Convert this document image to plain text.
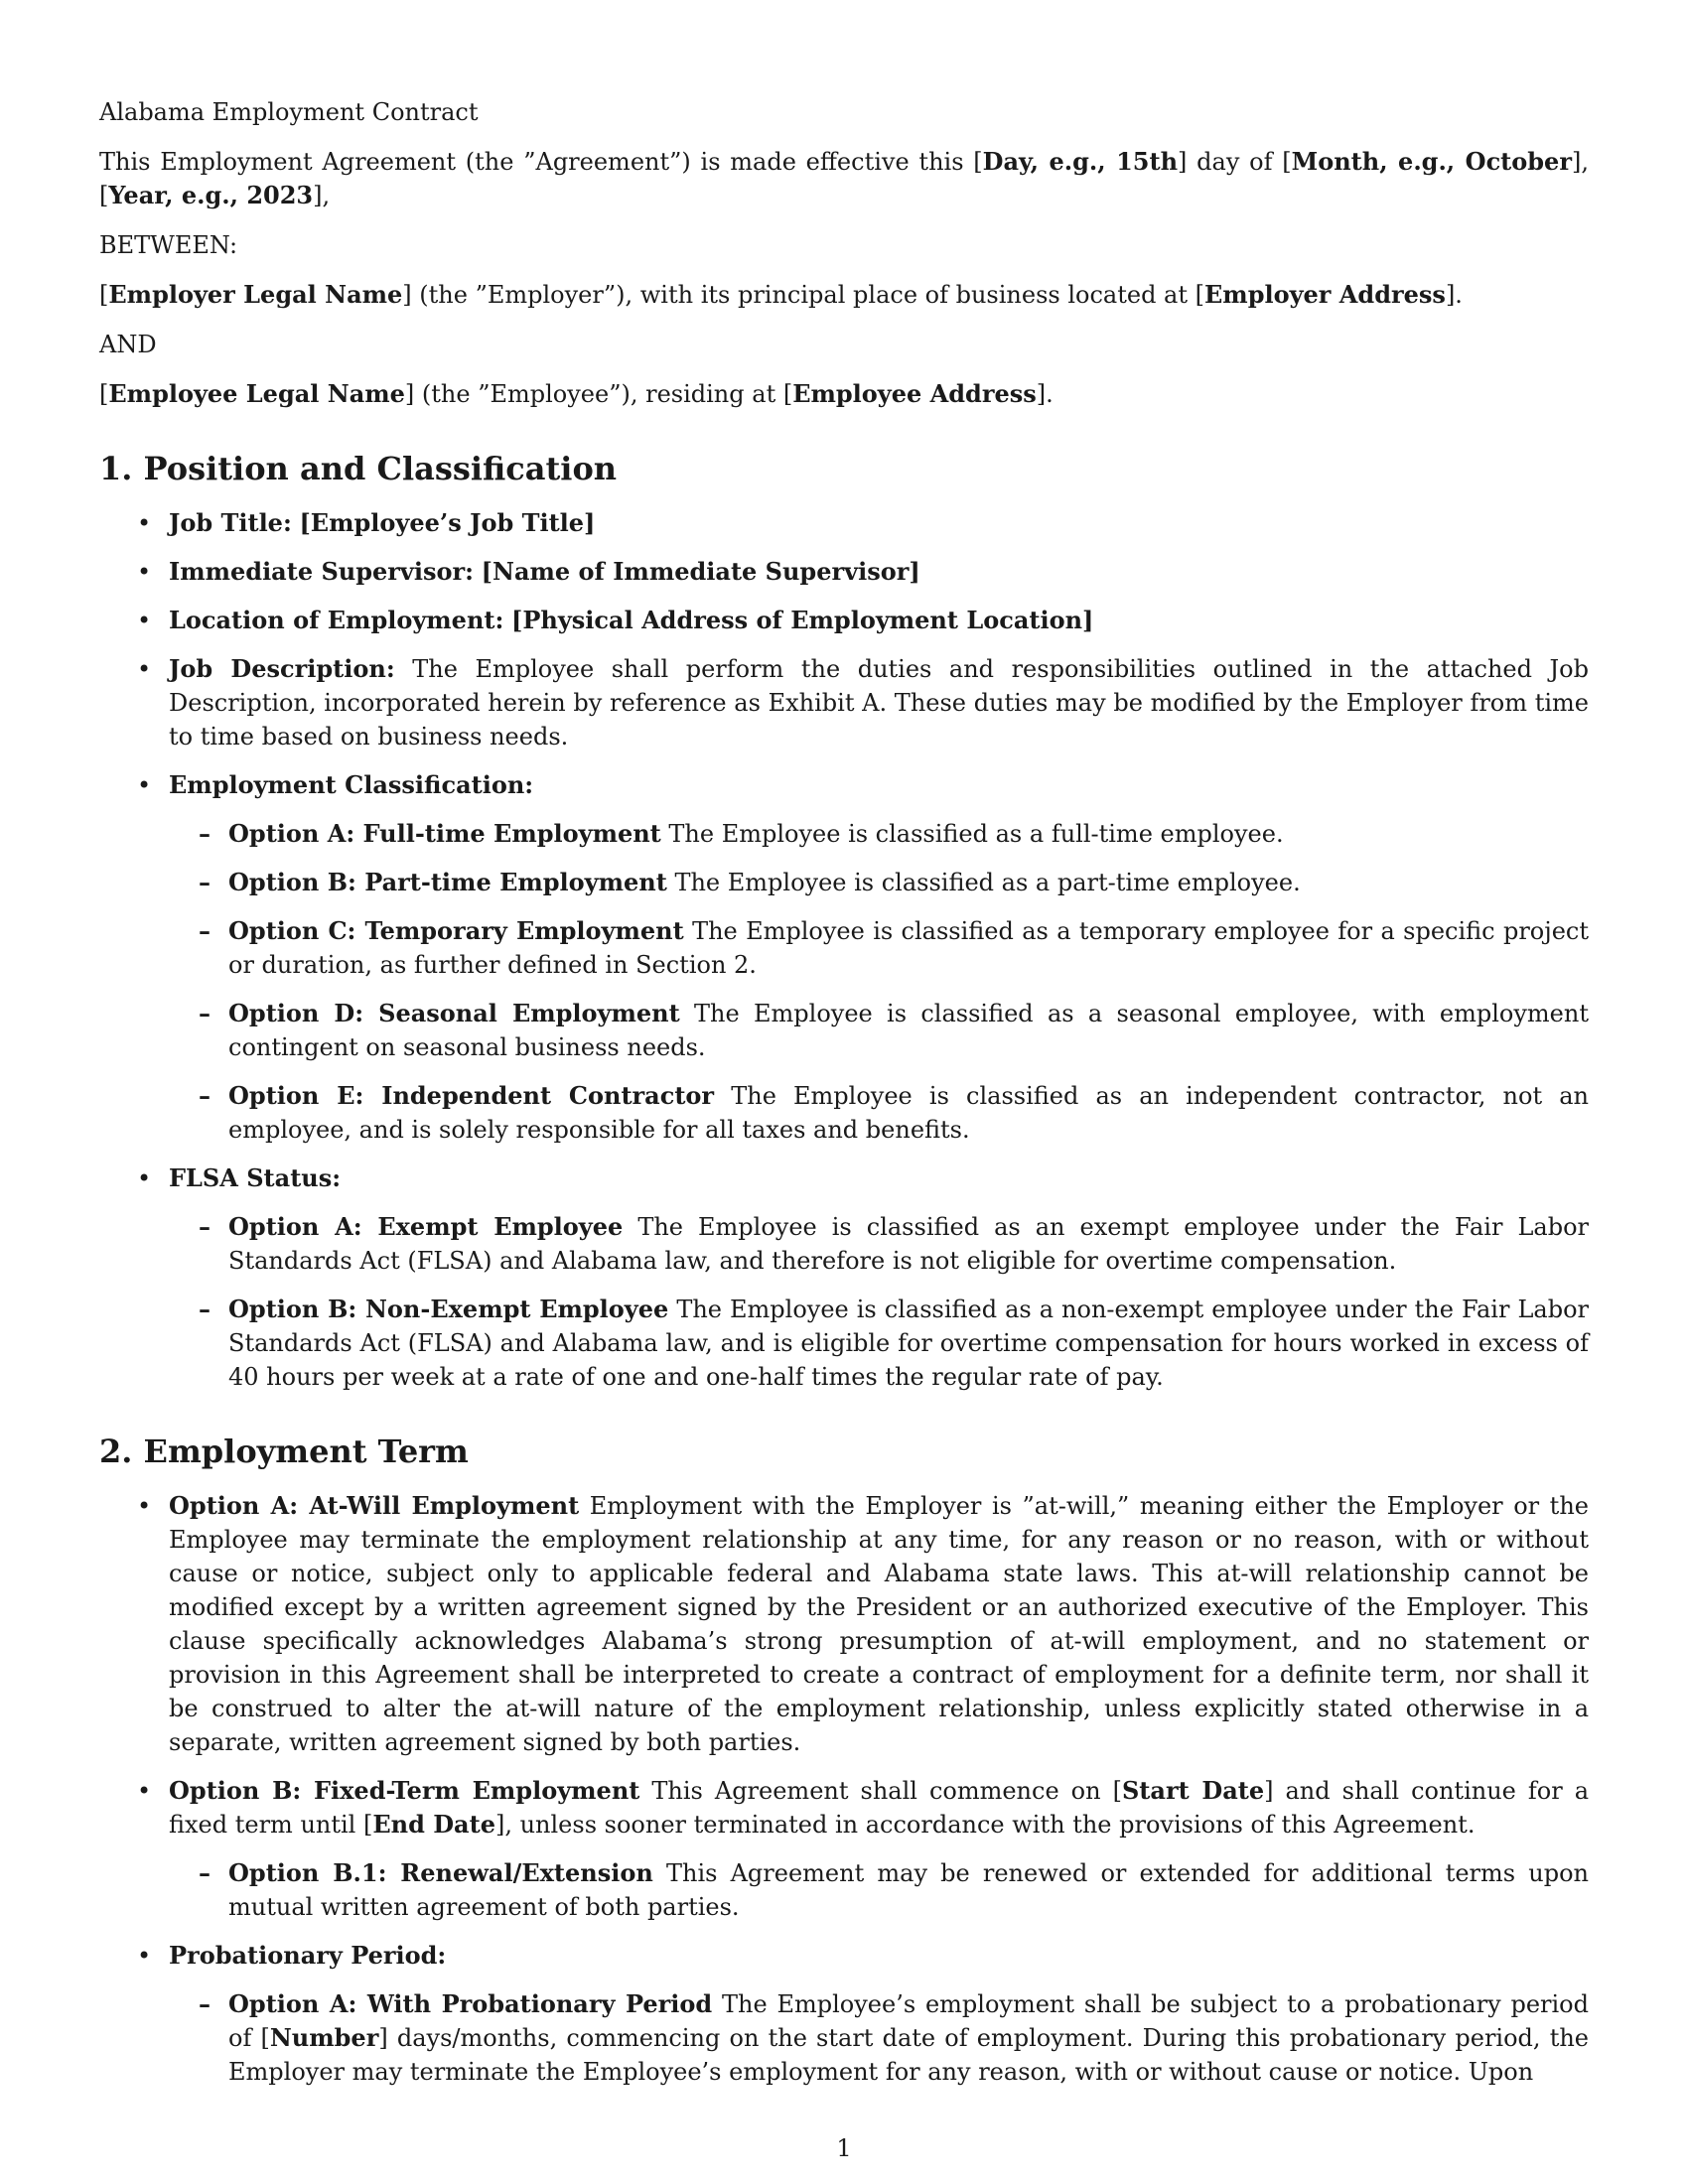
Alabama Employment Contract

This Employment Agreement (the ”Agreement”) is made effective this [Day, e.g., 15th] day of [Month, e.g., October], [Year, e.g., 2023],

BETWEEN:

[Employer Legal Name] (the ”Employer”), with its principal place of business located at [Employer Address].

AND

[Employee Legal Name] (the ”Employee”), residing at [Employee Address].

1. Position and Classification
• Job Title: [Employee’s Job Title]
• Immediate Supervisor: [Name of Immediate Supervisor]
• Location of Employment: [Physical Address of Employment Location]
• Job Description: The Employee shall perform the duties and responsibilities outlined in the attached Job Description, incorporated herein by reference as Exhibit A. These duties may be modified by the Employer from time to time based on business needs.
• Employment Classification:
– Option A: Full-time Employment The Employee is classified as a full-time employee.
– Option B: Part-time Employment The Employee is classified as a part-time employee.
– Option C: Temporary Employment The Employee is classified as a temporary employee for a specific project or duration, as further defined in Section 2.
– Option D: Seasonal Employment The Employee is classified as a seasonal employee, with employment contingent on seasonal business needs.
– Option E: Independent Contractor The Employee is classified as an independent contractor, not an employee, and is solely responsible for all taxes and benefits.
• FLSA Status:
– Option A: Exempt Employee The Employee is classified as an exempt employee under the Fair Labor Standards Act (FLSA) and Alabama law, and therefore is not eligible for overtime compensation.
– Option B: Non-Exempt Employee The Employee is classified as a non-exempt employee under the Fair Labor Standards Act (FLSA) and Alabama law, and is eligible for overtime compensation for hours worked in excess of 40 hours per week at a rate of one and one-half times the regular rate of pay.
2. Employment Term
• Option A: At-Will Employment Employment with the Employer is ”at-will,” meaning either the Employer or the Employee may terminate the employment relationship at any time, for any reason or no reason, with or without cause or notice, subject only to applicable federal and Alabama state laws. This at-will relationship cannot be modified except by a written agreement signed by the President or an authorized executive of the Employer. This clause specifically acknowledges Alabama’s strong presumption of at-will employment, and no statement or provision in this Agreement shall be interpreted to create a contract of employment for a definite term, nor shall it be construed to alter the at-will nature of the employment relationship, unless explicitly stated otherwise in a separate, written agreement signed by both parties.
• Option B: Fixed-Term Employment This Agreement shall commence on [Start Date] and shall continue for a fixed term until [End Date], unless sooner terminated in accordance with the provisions of this Agreement.
– Option B.1: Renewal/Extension This Agreement may be renewed or extended for additional terms upon mutual written agreement of both parties.
• Probationary Period:
– Option A: With Probationary Period The Employee’s employment shall be subject to a probationary period of [Number] days/months, commencing on the start date of employment. During this probationary period, the Employer may terminate the Employee’s employment for any reason, with or without cause or notice. Upon
1
